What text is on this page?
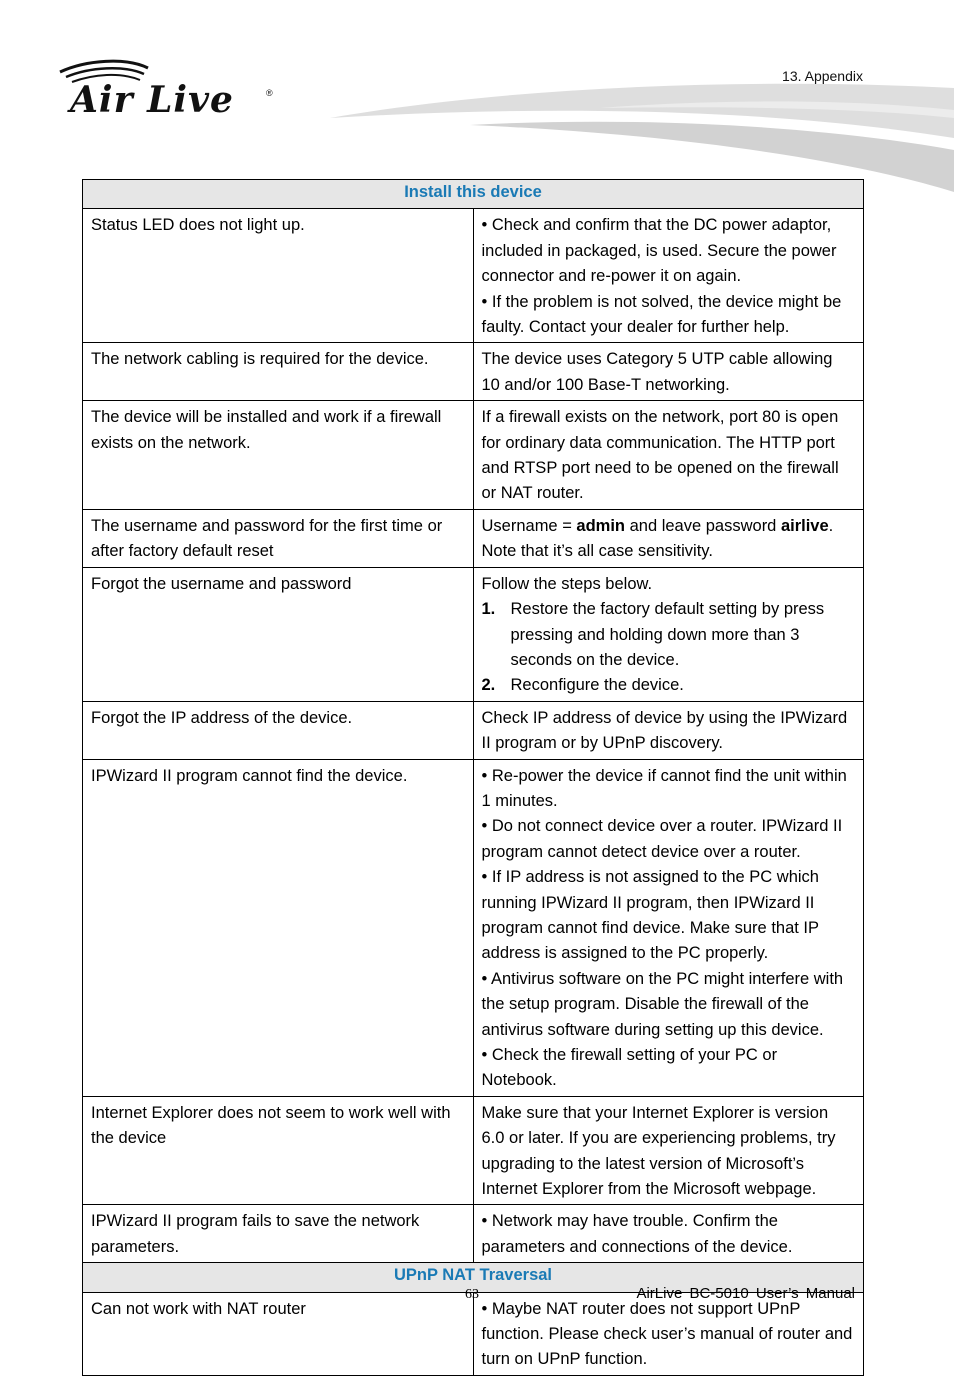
Air Live	®
13. Appendix
Install this device	
Status LED does not light up.	• Check and confirm that the DC power adaptor, included in packaged, is used. Secure the power connector and re-power it on again.
• If the problem is not solved, the device might be faulty. Contact your dealer for further help.

The network cabling is required for the device.	The device uses Category 5 UTP cable allowing 10 and/or 100 Base-T networking.

The device will be installed and work if a firewall exists on the network.	If a firewall exists on the network, port 80 is open for ordinary data communication. The HTTP port and RTSP port need to be opened on the firewall or NAT router.

The username and password for the first time or after factory default reset	Username = admin and leave password airlive.
Note that it’s all case sensitivity.

Forgot the username and password	Follow the steps below.
1. Restore the factory default setting by press pressing and holding down more than 3 seconds on the device.
2. Reconfigure the device.

Forgot the IP address of the device.	Check IP address of device by using the IPWizard II program or by UPnP discovery.

IPWizard II program cannot find the device.	• Re-power the device if cannot find the unit within 1 minutes.
• Do not connect device over a router. IPWizard II program cannot detect device over a router.
• If IP address is not assigned to the PC which running IPWizard II program, then IPWizard II program cannot find device. Make sure that IP address is assigned to the PC properly.
• Antivirus software on the PC might interfere with the setup program. Disable the firewall of the antivirus software during setting up this device.
• Check the firewall setting of your PC or Notebook.

Internet Explorer does not seem to work well with the device	Make sure that your Internet Explorer is version 6.0 or later. If you are experiencing problems, try upgrading to the latest version of Microsoft’s Internet Explorer from the Microsoft webpage.

IPWizard II program fails to save the network parameters.	• Network may have trouble. Confirm the parameters and connections of the device.

UPnP NAT Traversal	
Can not work with NAT router	• Maybe NAT router does not support UPnP function. Please check user’s manual of router and turn on UPnP function.
63	AirLive BC-5010 User’s Manual
